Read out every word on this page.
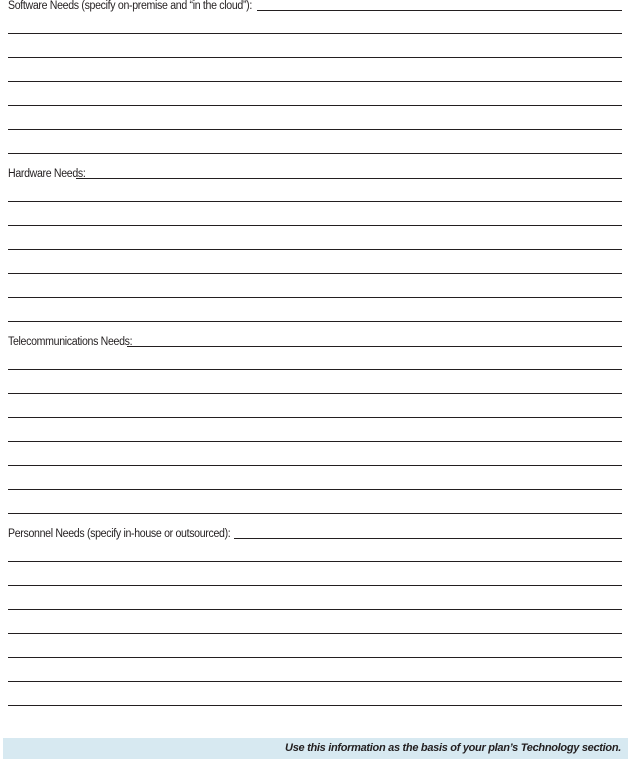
Software Needs (specify on-premise and “in the cloud”):
Hardware Needs:
Telecommunications Needs:
Personnel Needs (specify in-house or outsourced):
Use this information as the basis of your plan’s Technology section.
